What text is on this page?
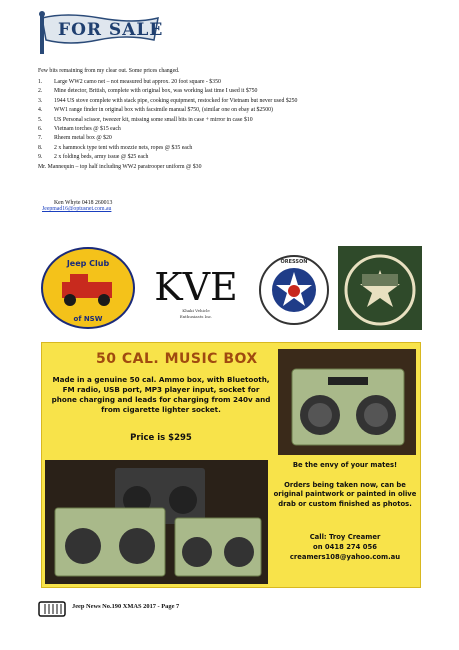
FOR SALE
Few bits remaining from my clear out. Some prices changed.
1. Large WW2 camo net – not measured but approx. 20 foot square - $350
2. Mine detector, British, complete with original box, was working last time I used it $750
3. 1944 US stove complete with stack pipe, cooking equipment, restocked for Vietnam but never used $250
4. WW1 range finder in original box with facsimile manual $750, (similar one on ebay at $2500)
5. US Personal scissor, tweezer kit, missing some small bits in case + mirror in case $10
6. Vietnam torches @ $15 each
7. Rheem metal box @ $20
8. 2 x hammock type tent with mozzie nets, ropes @ $35 each
9. 2 x folding beds, army issue @ $25 each
Mr. Mannequin – top half including WW2 paratrooper uniform @ $30
Ken Whyte 0418 260013
Jeepmad16@optusnet.com.au
Jeep Club
of NSW
KVE
Khaki Vehicle
Enthusiasts Inc.
ORESSON
50 CAL. MUSIC BOX
Made in a genuine 50 cal. Ammo box, with Bluetooth, FM radio, USB port, MP3 player input, socket for phone charging and leads for charging from 240v and from cigarette lighter socket.
Price is $295
Be the envy of your mates!
Orders being taken now, can be original paintwork or painted in olive drab or custom finished as photos.
Call: Troy Creamer
on 0418 274 056
creamers108@yahoo.com.au
Jeep News No.190 XMAS 2017 - Page 7
